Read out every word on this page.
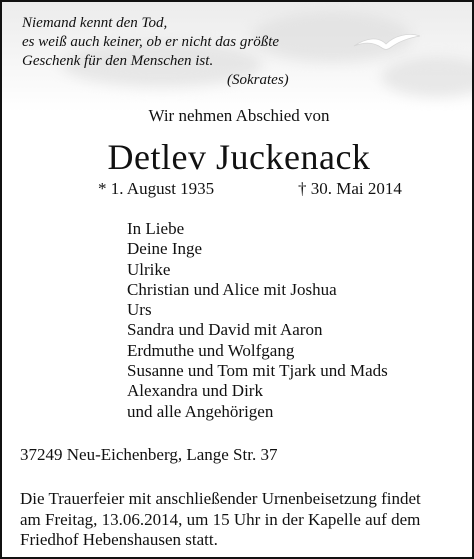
Niemand kennt den Tod,
es weiß auch keiner, ob er nicht das größte
Geschenk für den Menschen ist.
(Sokrates)
Wir nehmen Abschied von
Detlev Juckenack
* 1. August 1935	† 30. Mai 2014
In Liebe
Deine Inge
Ulrike
Christian und Alice mit Joshua
Urs
Sandra und David mit Aaron
Erdmuthe und Wolfgang
Susanne und Tom mit Tjark und Mads
Alexandra und Dirk
und alle Angehörigen
37249 Neu-Eichenberg, Lange Str. 37
Die Trauerfeier mit anschließender Urnenbeisetzung findet
am Freitag, 13.06.2014, um 15 Uhr in der Kapelle auf dem
Friedhof Hebenshausen statt.
